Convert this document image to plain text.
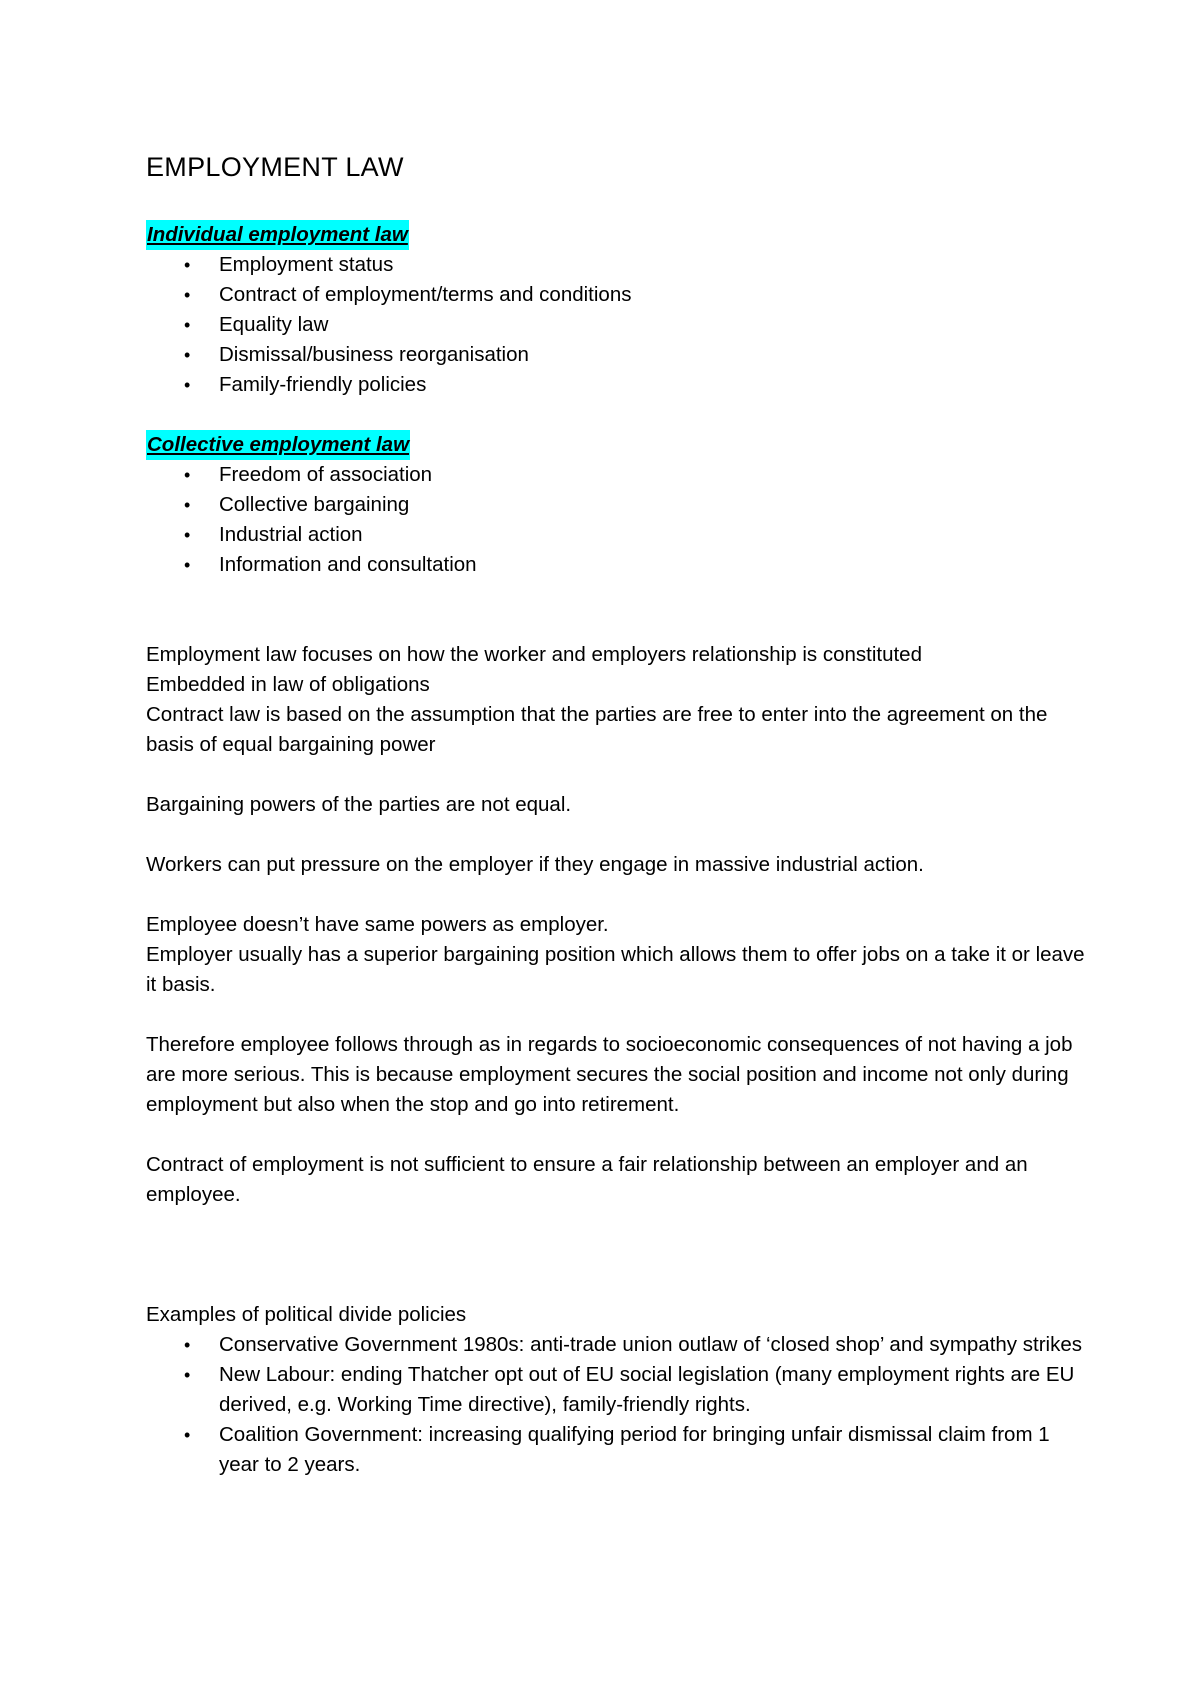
EMPLOYMENT LAW
Individual employment law
• Employment status
• Contract of employment/terms and conditions
• Equality law
• Dismissal/business reorganisation
• Family-friendly policies
Collective employment law
• Freedom of association
• Collective bargaining
• Industrial action
• Information and consultation

Employment law focuses on how the worker and employers relationship is constituted

Embedded in law of obligations

Contract law is based on the assumption that the parties are free to enter into the agreement on the basis of equal bargaining power

Bargaining powers of the parties are not equal.

Workers can put pressure on the employer if they engage in massive industrial action.

Employee doesn’t have same powers as employer.

Employer usually has a superior bargaining position which allows them to offer jobs on a take it or leave it basis.

Therefore employee follows through as in regards to socioeconomic consequences of not having a job are more serious. This is because employment secures the social position and income not only during employment but also when the stop and go into retirement.

Contract of employment is not sufficient to ensure a fair relationship between an employer and an employee.

Examples of political divide policies

• Conservative Government 1980s: anti-trade union outlaw of ‘closed shop’ and sympathy strikes
• New Labour: ending Thatcher opt out of EU social legislation (many employment rights are EU derived, e.g. Working Time directive), family-friendly rights.
• Coalition Government: increasing qualifying period for bringing unfair dismissal claim from 1 year to 2 years.
